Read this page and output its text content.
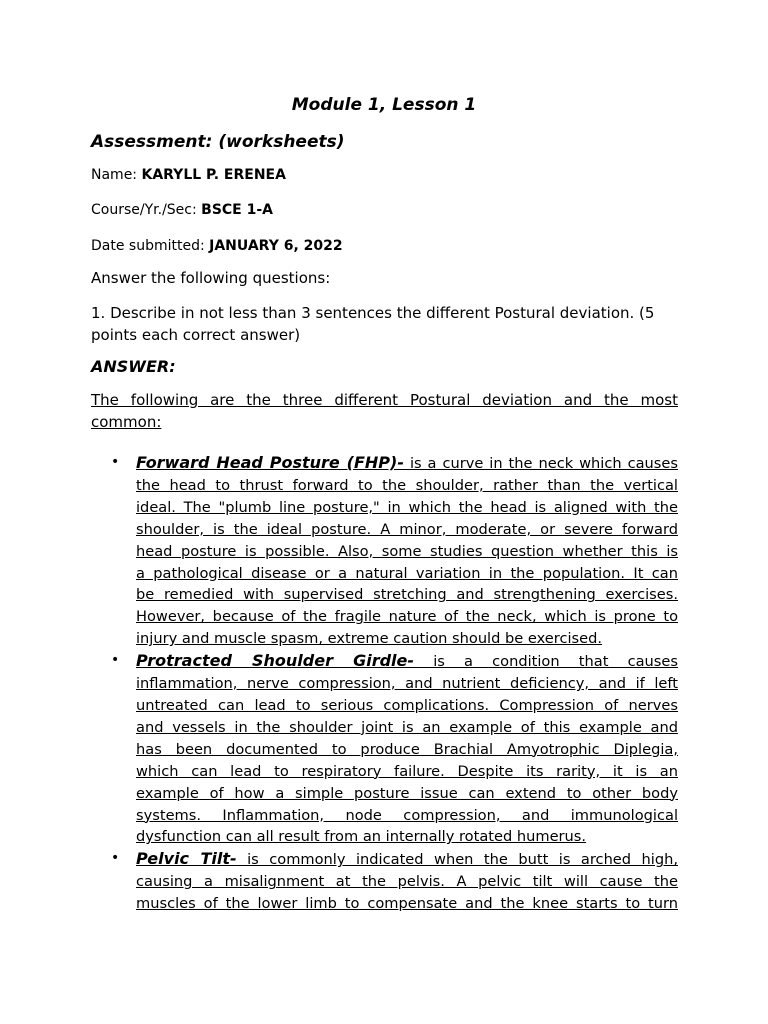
Module 1, Lesson 1
Assessment: (worksheets)
Name: KARYLL P. ERENEA
Course/Yr./Sec: BSCE 1-A
Date submitted: JANUARY 6, 2022
Answer the following questions:
1. Describe in not less than 3 sentences the different Postural deviation. (5
points each correct answer)
ANSWER:
The following are the three different Postural deviation and the most
common:
• Forward Head Posture (FHP)- is a curve in the neck which causes
the head to thrust forward to the shoulder, rather than the vertical
ideal. The "plumb line posture," in which the head is aligned with the
shoulder, is the ideal posture. A minor, moderate, or severe forward
head posture is possible. Also, some studies question whether this is
a pathological disease or a natural variation in the population. It can
be remedied with supervised stretching and strengthening exercises.
However, because of the fragile nature of the neck, which is prone to
injury and muscle spasm, extreme caution should be exercised.
• Protracted Shoulder Girdle- is a condition that causes
inflammation, nerve compression, and nutrient deficiency, and if left
untreated can lead to serious complications. Compression of nerves
and vessels in the shoulder joint is an example of this example and
has been documented to produce Brachial Amyotrophic Diplegia,
which can lead to respiratory failure. Despite its rarity, it is an
example of how a simple posture issue can extend to other body
systems. Inflammation, node compression, and immunological
dysfunction can all result from an internally rotated humerus.
• Pelvic Tilt- is commonly indicated when the butt is arched high,
causing a misalignment at the pelvis. A pelvic tilt will cause the
muscles of the lower limb to compensate and the knee starts to turn
